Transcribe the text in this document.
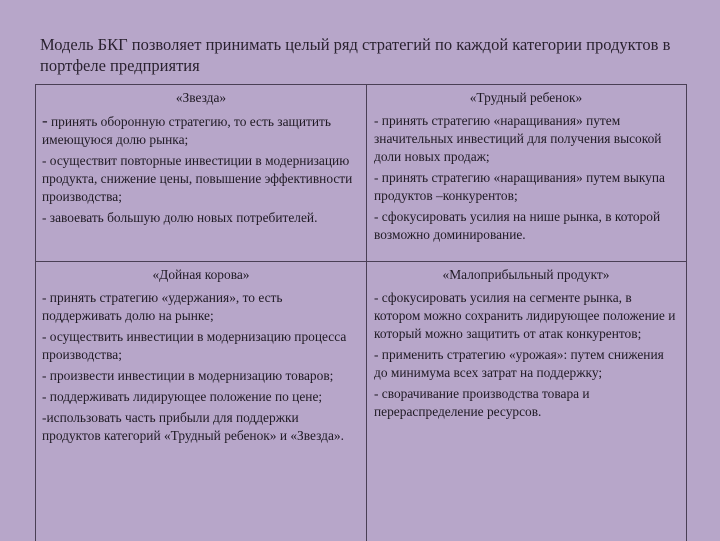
Модель БКГ позволяет принимать целый ряд стратегий по каждой категории продуктов в портфеле предприятия
«Звезда»
- принять оборонную стратегию, то есть защитить имеющуюся долю рынка;
- осуществит повторные инвестиции в модернизацию продукта, снижение цены, повышение эффективности производства;
- завоевать большую долю новых потребителей.
«Трудный ребенок»
- принять стратегию «наращивания» путем значительных инвестиций для получения высокой доли новых продаж;
- принять стратегию «наращивания» путем выкупа продуктов –конкурентов;
- сфокусировать усилия на нише рынка, в которой возможно доминирование.
«Дойная корова»
- принять стратегию «удержания», то есть поддерживать долю на рынке;
- осуществить инвестиции в модернизацию процесса производства;
- произвести инвестиции в модернизацию товаров;
- поддерживать лидирующее положение по цене;
-использовать часть прибыли для поддержки продуктов категорий «Трудный ребенок» и «Звезда».
«Малоприбыльный продукт»
- сфокусировать усилия на сегменте рынка, в котором можно сохранить лидирующее положение и который можно защитить от атак конкурентов;
- применить стратегию «урожая»: путем снижения до минимума всех затрат на поддержку;
- сворачивание производства товара и перераспределение ресурсов.
